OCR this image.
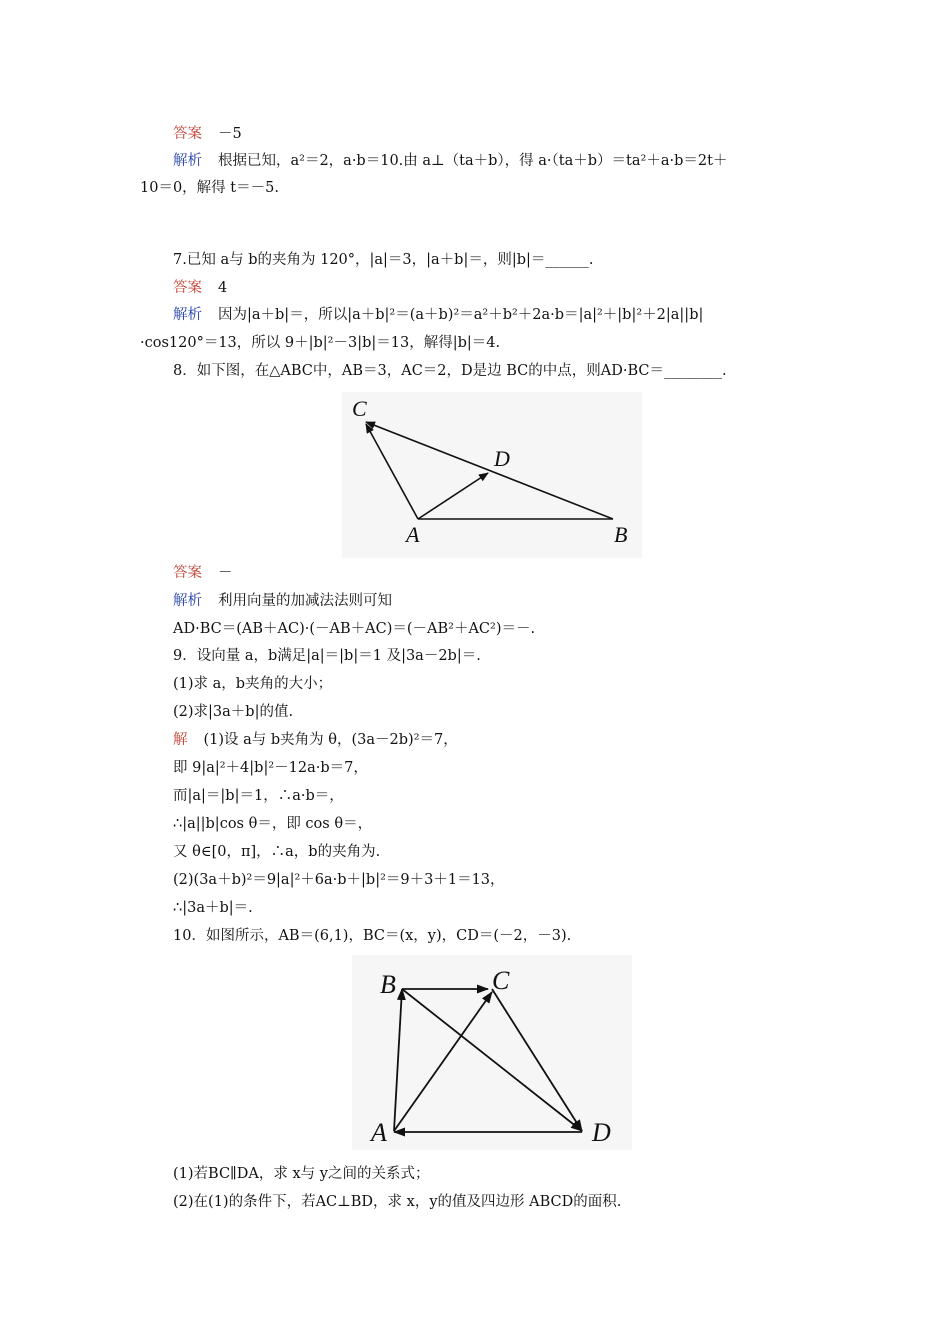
答案 －5
解析 根据已知，a²＝2，a·b＝10.由 a⊥（ta＋b），得 a·（ta＋b）＝ta²＋a·b＝2t＋
10＝0，解得 t＝－5.
7.已知 a与 b的夹角为 120°，|a|＝3，|a＋b|＝，则|b|＝______.
答案 4
解析 因为|a＋b|＝，所以|a＋b|²＝(a＋b)²＝a²＋b²＋2a·b＝|a|²＋|b|²＋2|a||b|
·cos120°＝13，所以 9＋|b|²－3|b|＝13，解得|b|＝4.
8．如下图，在△ABC中，AB＝3，AC＝2，D是边 BC的中点，则AD·BC＝________.
C
D
A	B
答案 －
解析 利用向量的加减法法则可知
AD·BC＝(AB＋AC)·(－AB＋AC)＝(－AB²＋AC²)＝－.
9．设向量 a，b满足|a|＝|b|＝1 及|3a－2b|＝.
(1)求 a，b夹角的大小；
(2)求|3a＋b|的值.
解 (1)设 a与 b夹角为 θ，(3a－2b)²＝7，
即 9|a|²＋4|b|²－12a·b＝7，
而|a|＝|b|＝1，∴a·b＝，
∴|a||b|cos θ＝，即 cos θ＝，
又 θ∈[0，π]，∴a，b的夹角为.
(2)(3a＋b)²＝9|a|²＋6a·b＋|b|²＝9＋3＋1＝13，
∴|3a＋b|＝.
10．如图所示，AB＝(6,1)，BC＝(x，y)，CD＝(－2，－3).
B	C
A	D
(1)若BC∥DA，求 x与 y之间的关系式；
(2)在(1)的条件下，若AC⊥BD，求 x，y的值及四边形 ABCD的面积.
